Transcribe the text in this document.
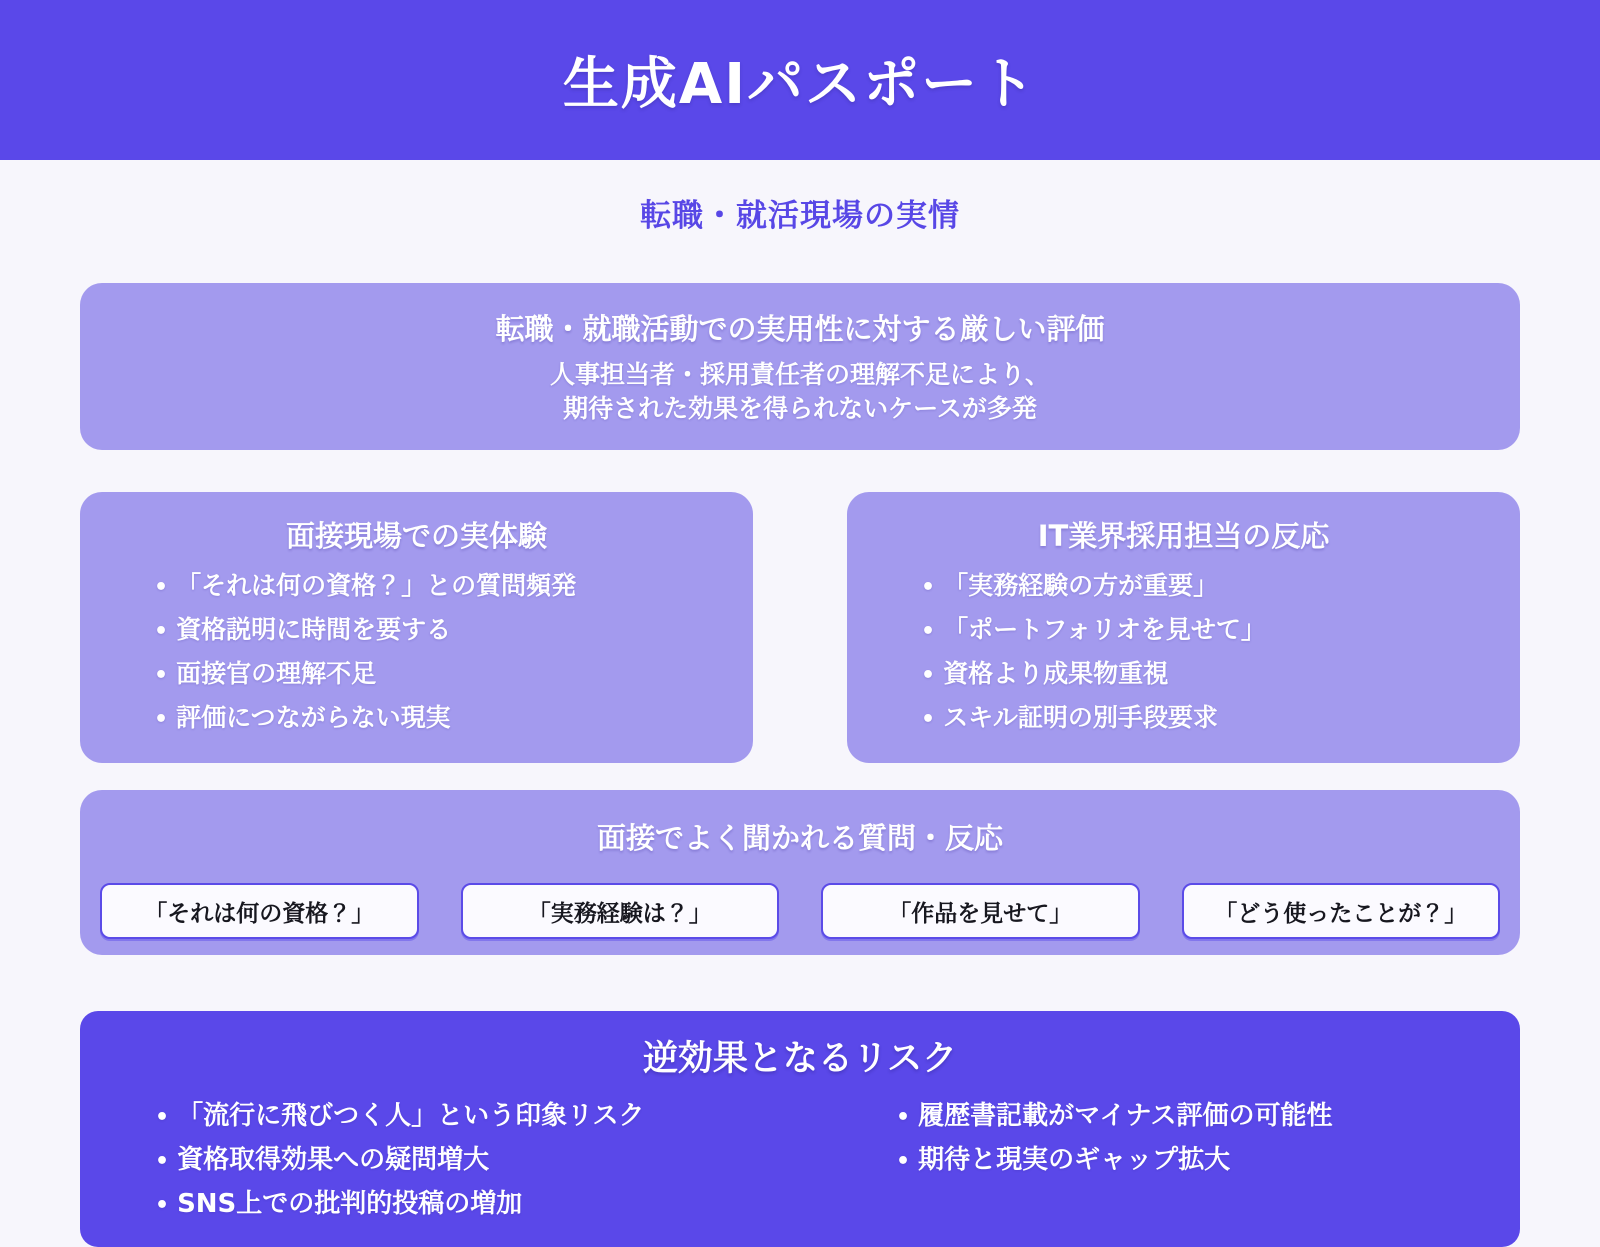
生成AIパスポート
転職・就活現場の実情
転職・就職活動での実用性に対する厳しい評価
人事担当者・採用責任者の理解不足により、
期待された効果を得られないケースが多発
面接現場での実体験
• 「それは何の資格？」との質問頻発
• 資格説明に時間を要する
• 面接官の理解不足
• 評価につながらない現実
IT業界採用担当の反応
• 「実務経験の方が重要」
• 「ポートフォリオを見せて」
• 資格より成果物重視
• スキル証明の別手段要求
面接でよく聞かれる質問・反応
「それは何の資格？」	「実務経験は？」	「作品を見せて」	「どう使ったことが？」
逆効果となるリスク
• 「流行に飛びつく人」という印象リスク
• 資格取得効果への疑問増大
• SNS上での批判的投稿の増加
• 履歴書記載がマイナス評価の可能性
• 期待と現実のギャップ拡大
